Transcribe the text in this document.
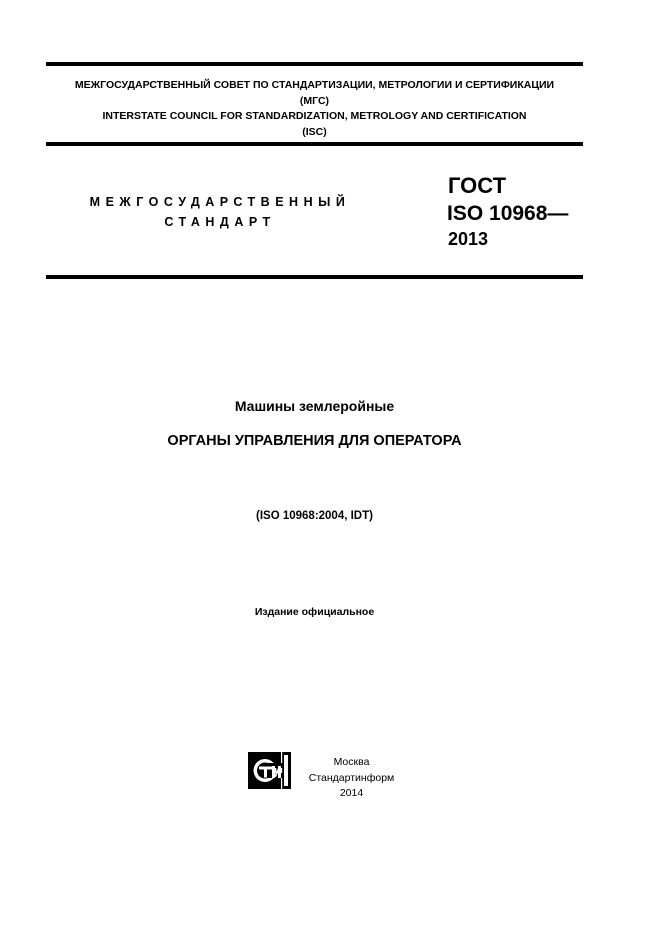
МЕЖГОСУДАРСТВЕННЫЙ СОВЕТ ПО СТАНДАРТИЗАЦИИ, МЕТРОЛОГИИ И СЕРТИФИКАЦИИ
(МГС)
INTERSTATE COUNCIL FOR STANDARDIZATION, METROLOGY AND CERTIFICATION
(ISC)
МЕЖГОСУДАРСТВЕННЫЙ
СТАНДАРТ
ГОСТ
ISO 10968—
2013
Машины землеройные
ОРГАНЫ УПРАВЛЕНИЯ ДЛЯ ОПЕРАТОРА
(ISO 10968:2004, IDT)
Издание официальное
Москва
Стандартинформ
2014
